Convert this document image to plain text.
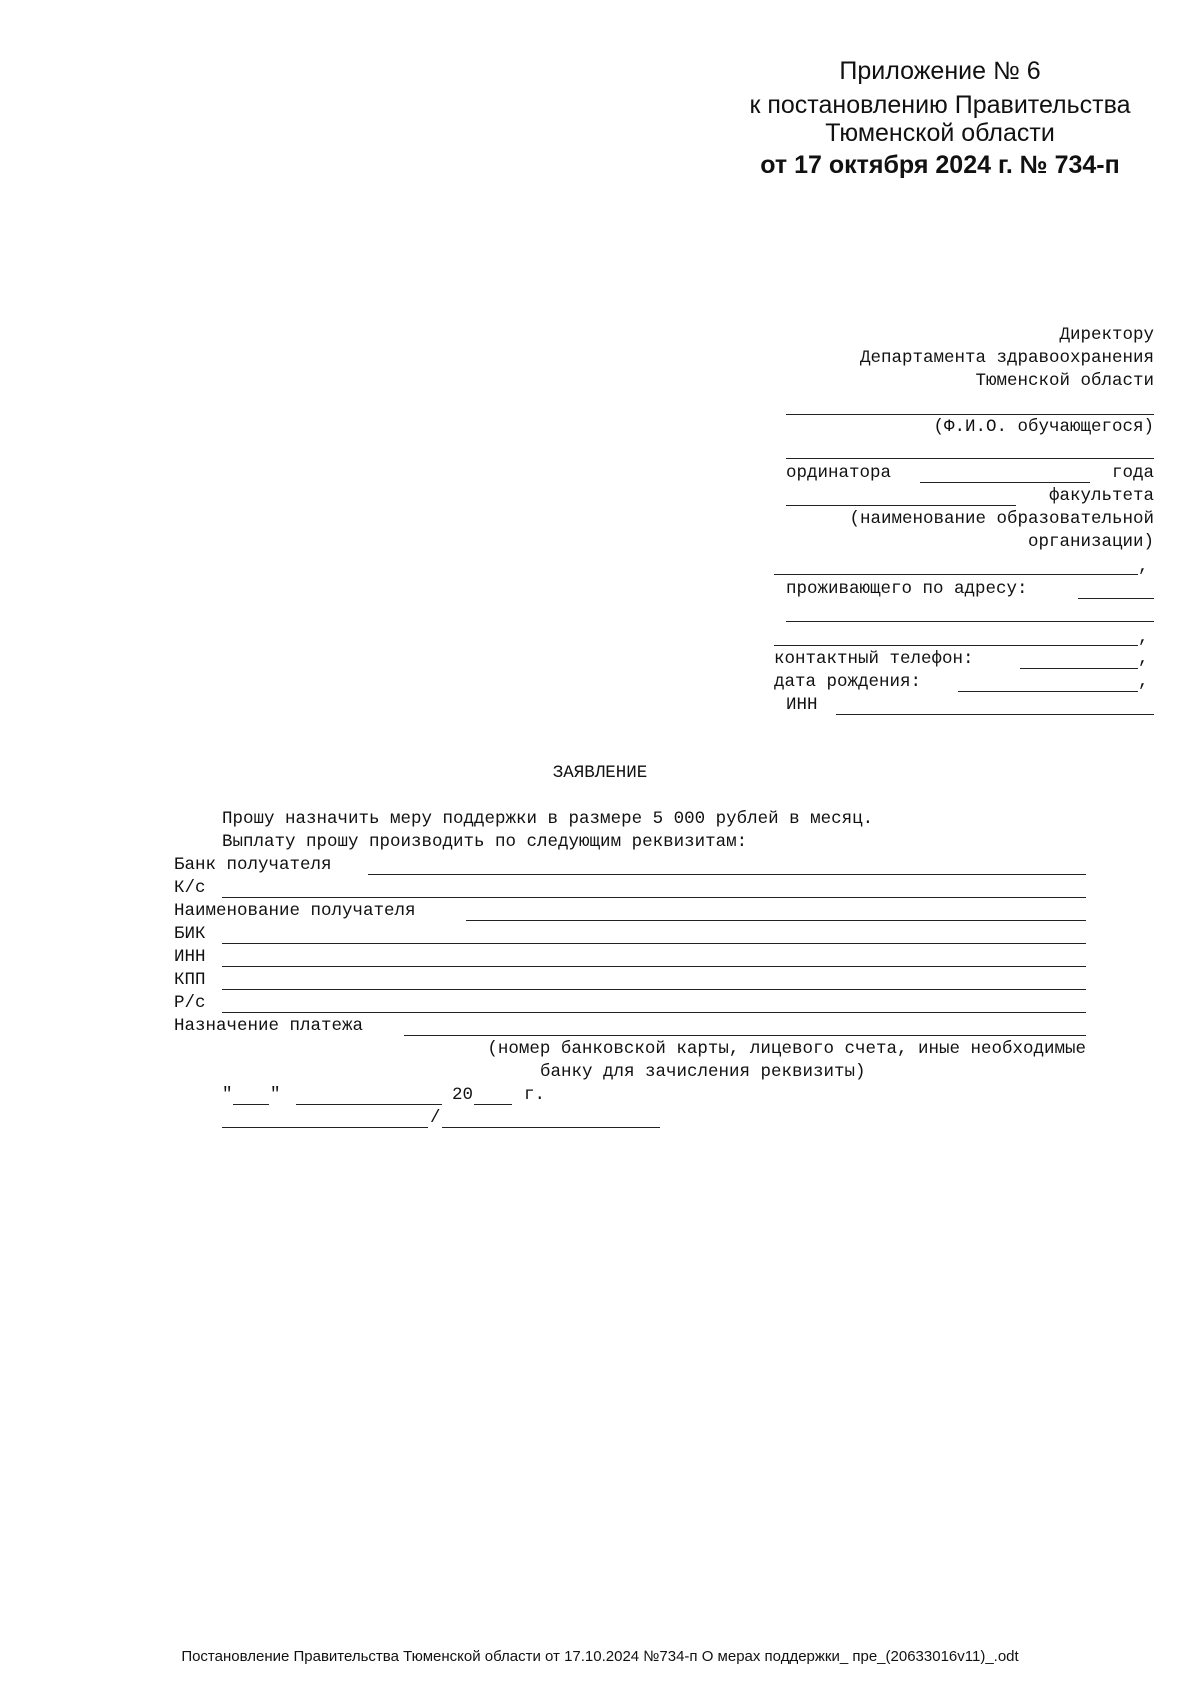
Приложение № 6
к постановлению Правительства
Тюменской области
от 17 октября 2024 г. № 734-п
Директору
Департамента здравоохранения
Тюменской области
(Ф.И.О. обучающегося)
ординатора	года
факультета
(наименование образовательной
организации)
,
проживающего по адресу:
,
контактный телефон:	,
дата рождения:	,
ИНН
ЗАЯВЛЕНИЕ
Прошу назначить меру поддержки в размере 5 000 рублей в месяц.
Выплату прошу производить по следующим реквизитам:
Банк получателя
К/с
Наименование получателя
БИК
ИНН
КПП
Р/с
Назначение платежа
(номер банковской карты, лицевого счета, иные необходимые
банку для зачисления реквизиты)
" "	20	г.
/
Постановление Правительства Тюменской области от 17.10.2024 №734-п О мерах поддержки_ пре_(20633016v11)_.odt
